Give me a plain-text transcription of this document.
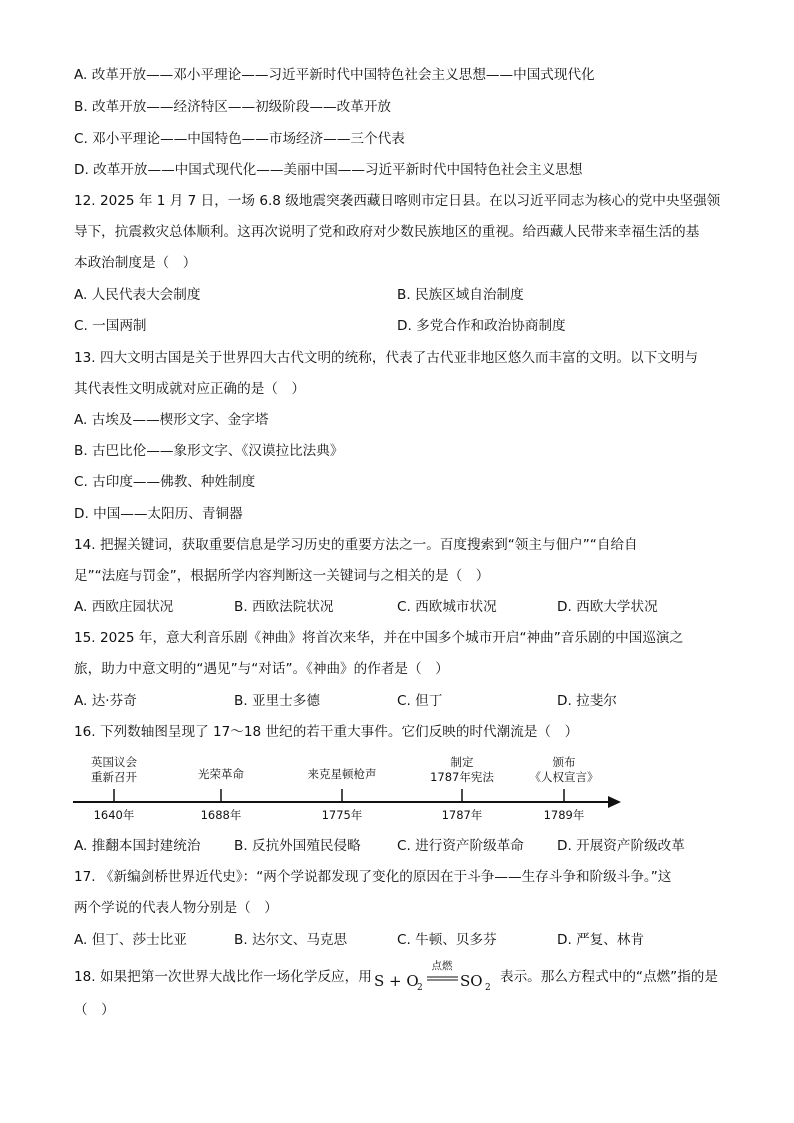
A. 改革开放——邓小平理论——习近平新时代中国特色社会主义思想——中国式现代化
B. 改革开放——经济特区——初级阶段——改革开放
C. 邓小平理论——中国特色——市场经济——三个代表
D. 改革开放——中国式现代化——美丽中国——习近平新时代中国特色社会主义思想
12. 2025 年 1 月 7 日，一场 6.8 级地震突袭西藏日喀则市定日县。在以习近平同志为核心的党中央坚强领
导下，抗震救灾总体顺利。这再次说明了党和政府对少数民族地区的重视。给西藏人民带来幸福生活的基
本政治制度是（　）
A. 人民代表大会制度	B. 民族区域自治制度
C. 一国两制	D. 多党合作和政治协商制度
13. 四大文明古国是关于世界四大古代文明的统称，代表了古代亚非地区悠久而丰富的文明。以下文明与
其代表性文明成就对应正确的是（　）
A. 古埃及——楔形文字、金字塔
B. 古巴比伦——象形文字、《汉谟拉比法典》
C. 古印度——佛教、种姓制度
D. 中国——太阳历、青铜器
14. 把握关键词，获取重要信息是学习历史的重要方法之一。百度搜索到“领主与佃户”“自给自
足”“法庭与罚金”，根据所学内容判断这一关键词与之相关的是（　）
A. 西欧庄园状况	B. 西欧法院状况	C. 西欧城市状况	D. 西欧大学状况
15. 2025 年，意大利音乐剧《神曲》将首次来华，并在中国多个城市开启“神曲”音乐剧的中国巡演之
旅，助力中意文明的“遇见”与“对话”。《神曲》的作者是（　）
A. 达·芬奇	B. 亚里士多德	C. 但丁	D. 拉斐尔
16. 下列数轴图呈现了 17～18 世纪的若干重大事件。它们反映的时代潮流是（　）
英国议会
重新召开	光荣革命	来克星顿枪声
制定
1787年宪法
颁布
《人权宣言》
1640年	1688年	1775年	1787年	1789年
A. 推翻本国封建统治 B. 反抗外国殖民侵略	C. 进行资产阶级革命 D. 开展资产阶级改革
17. 《新编剑桥世界近代史》：“两个学说都发现了变化的原因在于斗争——生存斗争和阶级斗争。”这
两个学说的代表人物分别是（　）
A. 但丁、莎士比亚	B. 达尔文、马克思	C. 牛顿、贝多芬	D. 严复、林肯
18. 如果把第一次世界大战比作一场化学反应，用 S + O
2
点燃
SO 2
表示。那么方程式中的“点燃”指的是
（　）
